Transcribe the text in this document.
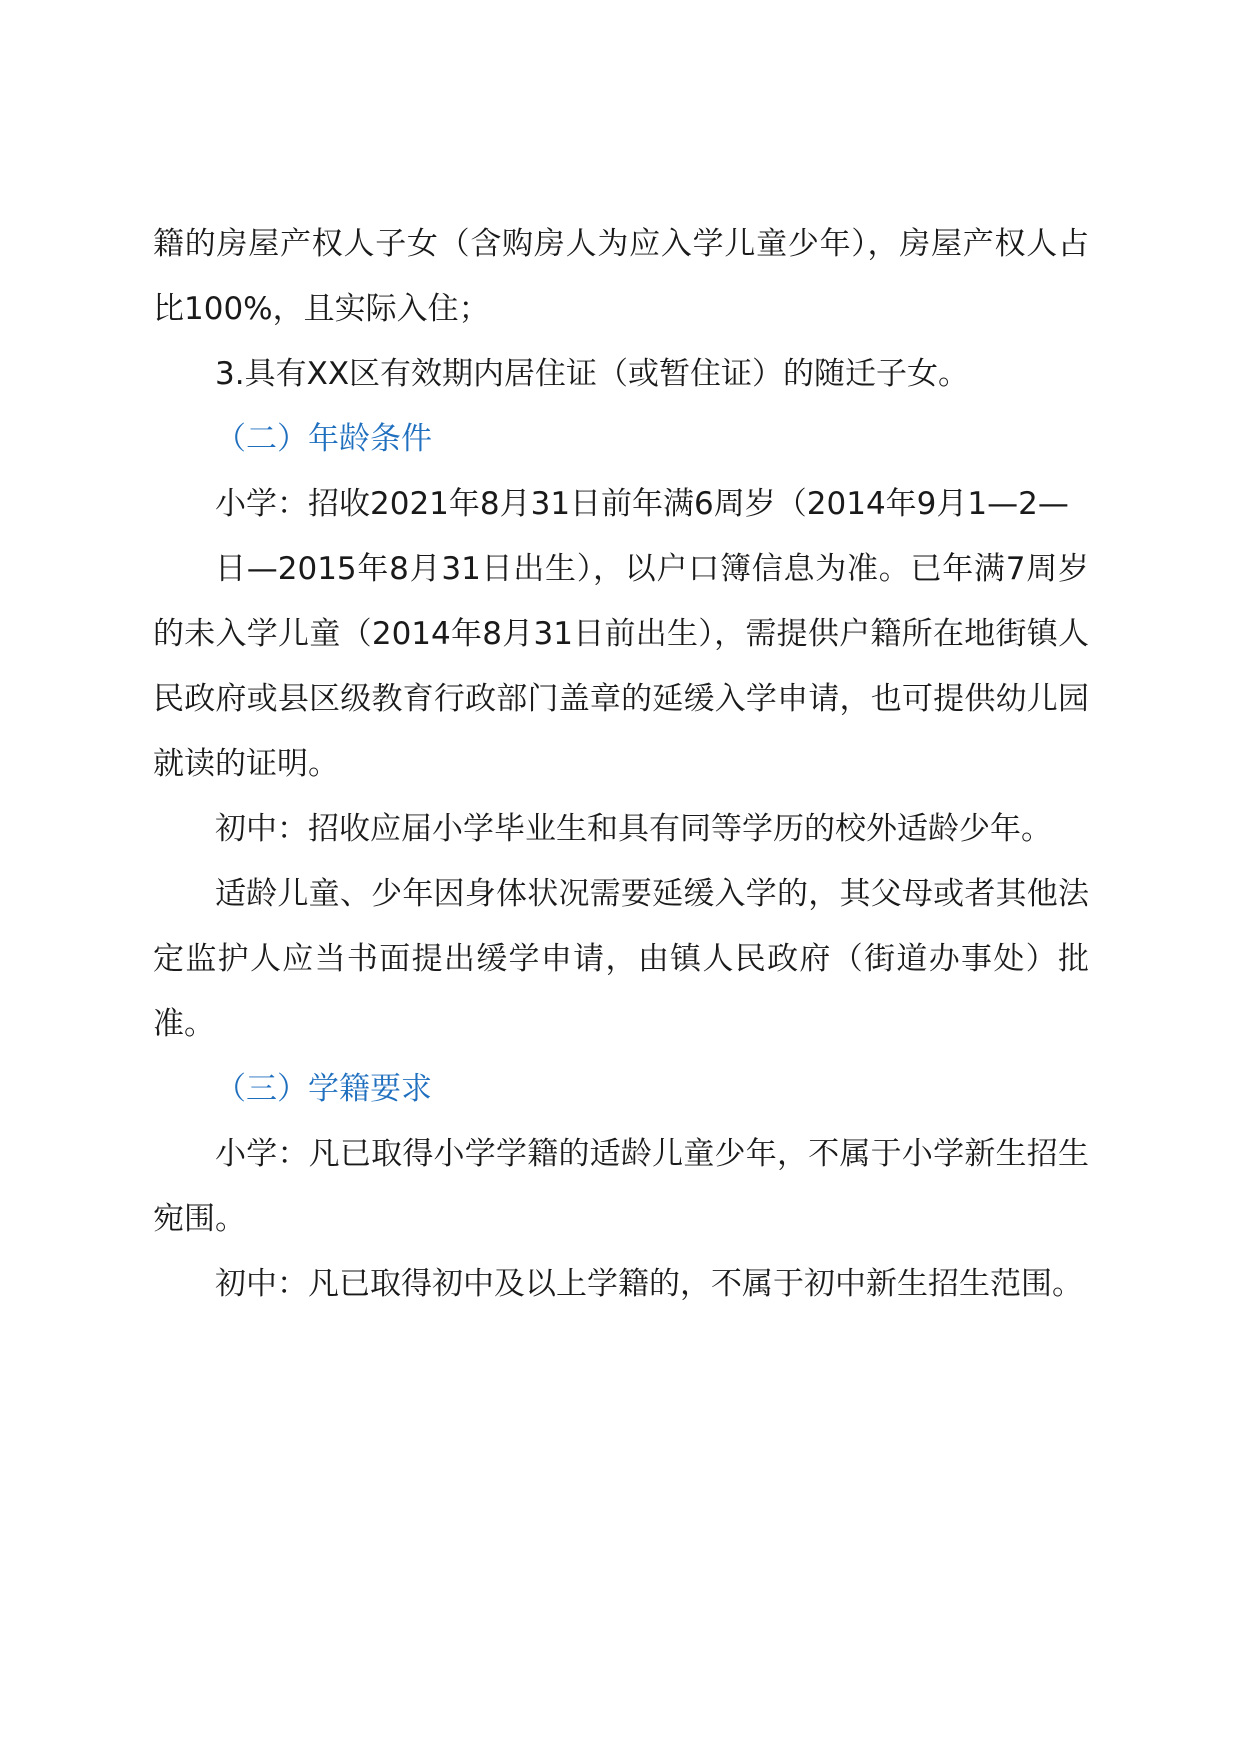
籍的房屋产权人子女（含购房人为应入学儿童少年），房屋产权人占比100%，且实际入住；

3.具有XX区有效期内居住证（或暂住证）的随迁子女。

（二）年龄条件

小学：招收2021年8月31日前年满6周岁（2014年9月1—2—

日—2015年8月31日出生），以户口簿信息为准。已年满7周岁的未入学儿童（2014年8月31日前出生），需提供户籍所在地街镇人民政府或县区级教育行政部门盖章的延缓入学申请，也可提供幼儿园就读的证明。

初中：招收应届小学毕业生和具有同等学历的校外适龄少年。

适龄儿童、少年因身体状况需要延缓入学的，其父母或者其他法定监护人应当书面提出缓学申请，由镇人民政府（街道办事处）批准。

（三）学籍要求

小学：凡已取得小学学籍的适龄儿童少年，不属于小学新生招生宛围。

初中：凡已取得初中及以上学籍的，不属于初中新生招生范围。
